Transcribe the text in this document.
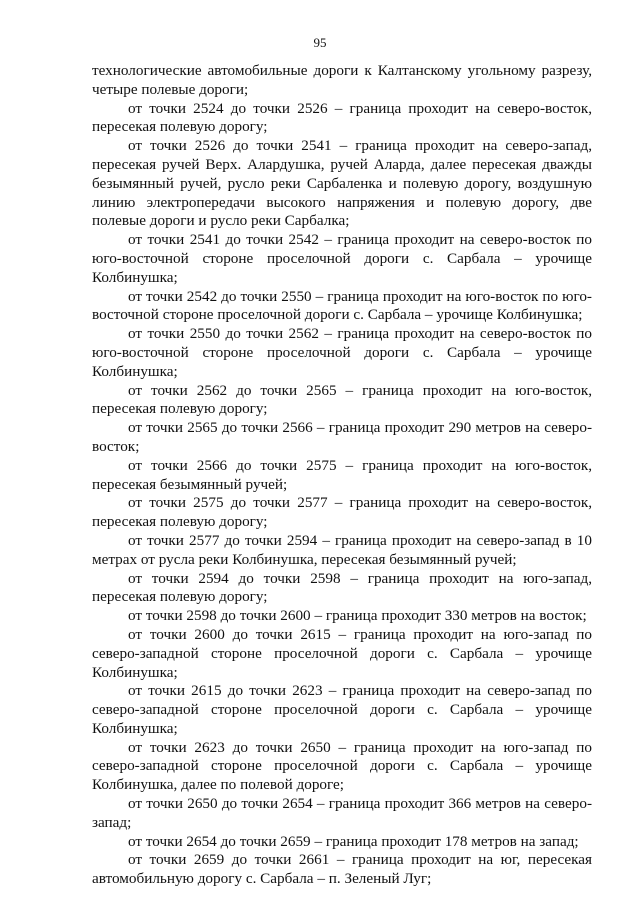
95

технологические автомобильные дороги к Калтанскому угольному разрезу, четыре полевые дороги;

от точки 2524 до точки 2526 – граница проходит на северо-восток, пересекая полевую дорогу;

от точки 2526 до точки 2541 – граница проходит на северо-запад, пересекая ручей Верх. Алардушка, ручей Аларда, далее пересекая дважды безымянный ручей, русло реки Сарбаленка и полевую дорогу, воздушную линию электропередачи высокого напряжения и полевую дорогу, две полевые дороги и русло реки Сарбалка;

от точки 2541 до точки 2542 – граница проходит на северо-восток по юго-восточной стороне проселочной дороги с. Сарбала – урочище Колбинушка;

от точки 2542 до точки 2550 – граница проходит на юго-восток по юго-восточной стороне проселочной дороги с. Сарбала – урочище Колбинушка;

от точки 2550 до точки 2562 – граница проходит на северо-восток по юго-восточной стороне проселочной дороги с. Сарбала – урочище Колбинушка;

от точки 2562 до точки 2565 – граница проходит на юго-восток, пересекая полевую дорогу;

от точки 2565 до точки 2566 – граница проходит 290 метров на северо-восток;

от точки 2566 до точки 2575 – граница проходит на юго-восток, пересекая безымянный ручей;

от точки 2575 до точки 2577 – граница проходит на северо-восток, пересекая полевую дорогу;

от точки 2577 до точки 2594 – граница проходит на северо-запад в 10 метрах от русла реки Колбинушка, пересекая безымянный ручей;

от точки 2594 до точки 2598 – граница проходит на юго-запад, пересекая полевую дорогу;

от точки 2598 до точки 2600 – граница проходит 330 метров на восток;

от точки 2600 до точки 2615 – граница проходит на юго-запад по северо-западной стороне проселочной дороги с. Сарбала – урочище Колбинушка;

от точки 2615 до точки 2623 – граница проходит на северо-запад по северо-западной стороне проселочной дороги с. Сарбала – урочище Колбинушка;

от точки 2623 до точки 2650 – граница проходит на юго-запад по северо-западной стороне проселочной дороги с. Сарбала – урочище Колбинушка, далее по полевой дороге;

от точки 2650 до точки 2654 – граница проходит 366 метров на северо-запад;

от точки 2654 до точки 2659 – граница проходит 178 метров на запад;

от точки 2659 до точки 2661 – граница проходит на юг, пересекая автомобильную дорогу с. Сарбала – п. Зеленый Луг;
